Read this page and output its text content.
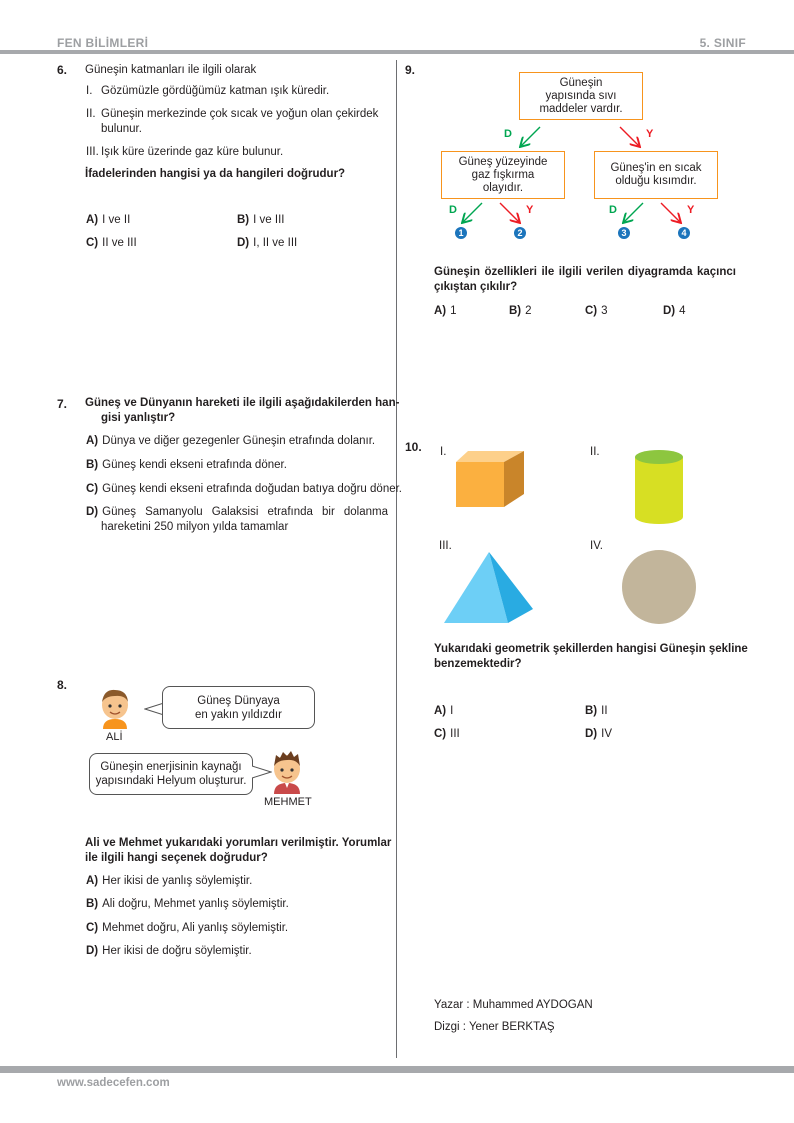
FEN BİLİMLERİ	5. SINIF
www.sadecefen.com
6. Güneşin katmanları ile ilgili olarak
I. Gözümüzle gördüğümüz katman ışık küredir.
II. Güneşin merkezinde çok sıcak ve yoğun olan çekirdek
bulunur.
III. Işık küre üzerinde gaz küre bulunur.
İfadelerinden hangisi ya da hangileri doğrudur?
A) I ve II	B) I ve III
C) II ve III	D) I, II ve III
7. Güneş ve Dünyanın hareketi ile ilgili aşağıdakilerden han-
gisi yanlıştır?
A) Dünya ve diğer gezegenler Güneşin etrafında dolanır.
B) Güneş kendi ekseni etrafında döner.
C) Güneş kendi ekseni etrafında doğudan batıya doğru döner.
D) Güneş Samanyolu Galaksisi etrafında bir dolanma
hareketini 250 milyon yılda tamamlar
8.
ALİ
Güneş Dünyaya
en yakın yıldızdır
Güneşin enerjisinin kaynağı
yapısındaki Helyum oluşturur.
MEHMET
Ali ve Mehmet yukarıdaki yorumları verilmiştir. Yorumlar
ile ilgili hangi seçenek doğrudur?
A) Her ikisi de yanlış söylemiştir.
B) Ali doğru, Mehmet yanlış söylemiştir.
C) Mehmet doğru, Ali yanlış söylemiştir.
D) Her ikisi de doğru söylemiştir.
9.
Güneşin
yapısında sıvı
maddeler vardır.
Güneş yüzeyinde
gaz fışkırma
olayıdır.
Güneş'in en sıcak
olduğu kısımdır.
D	Y
D	Y	D	Y
1	2	3	4
Güneşin özellikleri ile ilgili verilen diyagramda kaçıncı
çıkıştan çıkılır?
A) 1	B) 2	C) 3	D) 4
10. I.	II.
III.	IV.
Yukarıdaki geometrik şekillerden hangisi Güneşin şekline
benzemektedir?
A) I	B) II
C) III	D) IV
Yazar : Muhammed AYDOGAN
Dizgi : Yener BERKTAŞ
